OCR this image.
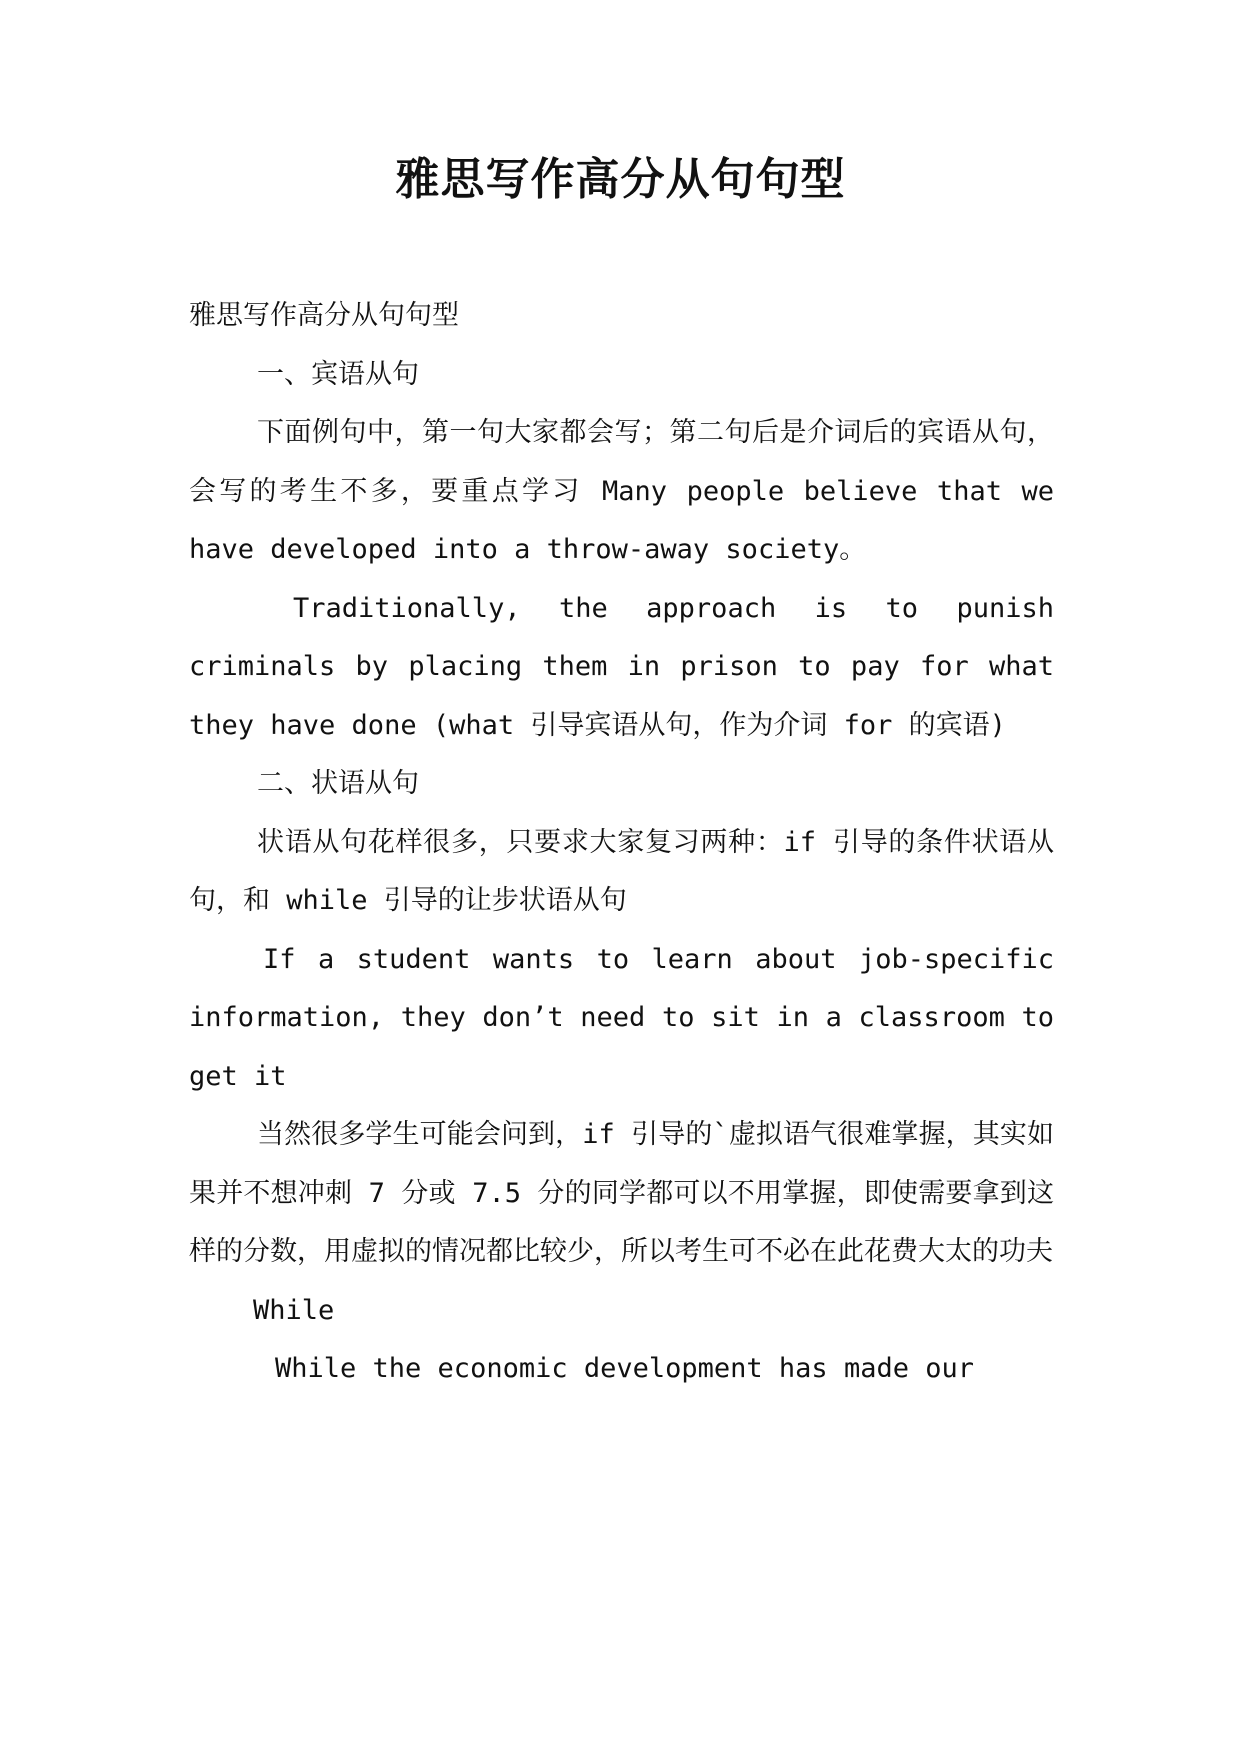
雅思写作高分从句句型

雅思写作高分从句句型

一、宾语从句

下面例句中，第一句大家都会写；第二句后是介词后的宾语从句，会写的考生不多，要重点学习 Many people believe that we have developed into a throw-away society。

Traditionally, the approach is to punish criminals by placing them in prison to pay for what they have done (what 引导宾语从句，作为介词 for 的宾语)

二、状语从句

状语从句花样很多，只要求大家复习两种：if 引导的条件状语从句，和 while 引导的让步状语从句

If a student wants to learn about job-specific information, they don’t need to sit in a classroom to get it

当然很多学生可能会问到，if 引导的`虚拟语气很难掌握，其实如果并不想冲刺 7 分或 7.5 分的同学都可以不用掌握，即使需要拿到这样的分数，用虚拟的情况都比较少，所以考生可不必在此花费大太的功夫

While

While the economic development has made our
